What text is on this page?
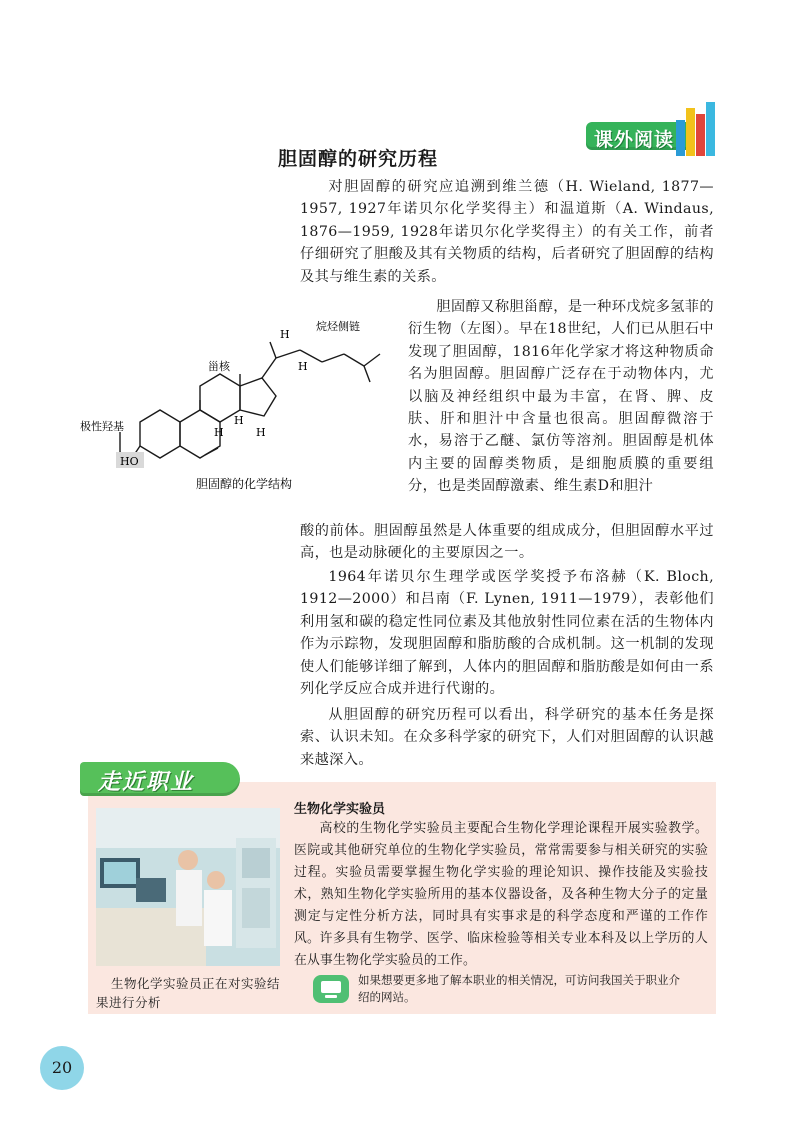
课外阅读
胆固醇的研究历程

对胆固醇的研究应追溯到维兰德（H. Wieland, 1877—1957, 1927年诺贝尔化学奖得主）和温道斯（A. Windaus, 1876—1959, 1928年诺贝尔化学奖得主）的有关工作，前者仔细研究了胆酸及其有关物质的结构，后者研究了胆固醇的结构及其与维生素的关系。

HO
极性羟基
甾核
烷烃侧链
H
H
H
H
H
胆固醇的化学结构

胆固醇又称胆甾醇，是一种环戊烷多氢菲的衍生物（左图）。早在18世纪，人们已从胆石中发现了胆固醇，1816年化学家才将这种物质命名为胆固醇。胆固醇广泛存在于动物体内，尤以脑及神经组织中最为丰富，在肾、脾、皮肤、肝和胆汁中含量也很高。胆固醇微溶于水，易溶于乙醚、氯仿等溶剂。胆固醇是机体内主要的固醇类物质，是细胞质膜的重要组分，也是类固醇激素、维生素D和胆汁

酸的前体。胆固醇虽然是人体重要的组成成分，但胆固醇水平过高，也是动脉硬化的主要原因之一。

1964年诺贝尔生理学或医学奖授予布洛赫（K. Bloch, 1912—2000）和吕南（F. Lynen, 1911—1979），表彰他们利用氢和碳的稳定性同位素及其他放射性同位素在活的生物体内作为示踪物，发现胆固醇和脂肪酸的合成机制。这一机制的发现使人们能够详细了解到，人体内的胆固醇和脂肪酸是如何由一系列化学反应合成并进行代谢的。

从胆固醇的研究历程可以看出，科学研究的基本任务是探索、认识未知。在众多科学家的研究下，人们对胆固醇的认识越来越深入。

走近职业
生物化学实验员正在对实验结果进行分析
生物化学实验员

高校的生物化学实验员主要配合生物化学理论课程开展实验教学。医院或其他研究单位的生物化学实验员，常常需要参与相关研究的实验过程。实验员需要掌握生物化学实验的理论知识、操作技能及实验技术，熟知生物化学实验所用的基本仪器设备，及各种生物大分子的定量测定与定性分析方法，同时具有实事求是的科学态度和严谨的工作作风。 许多具有生物学、医学、临床检验等相关专业本科及以上学历的人在从事生物化学实验员的工作。

如果想要更多地了解本职业的相关情况，可访问我国关于职业介绍的网站。
20
